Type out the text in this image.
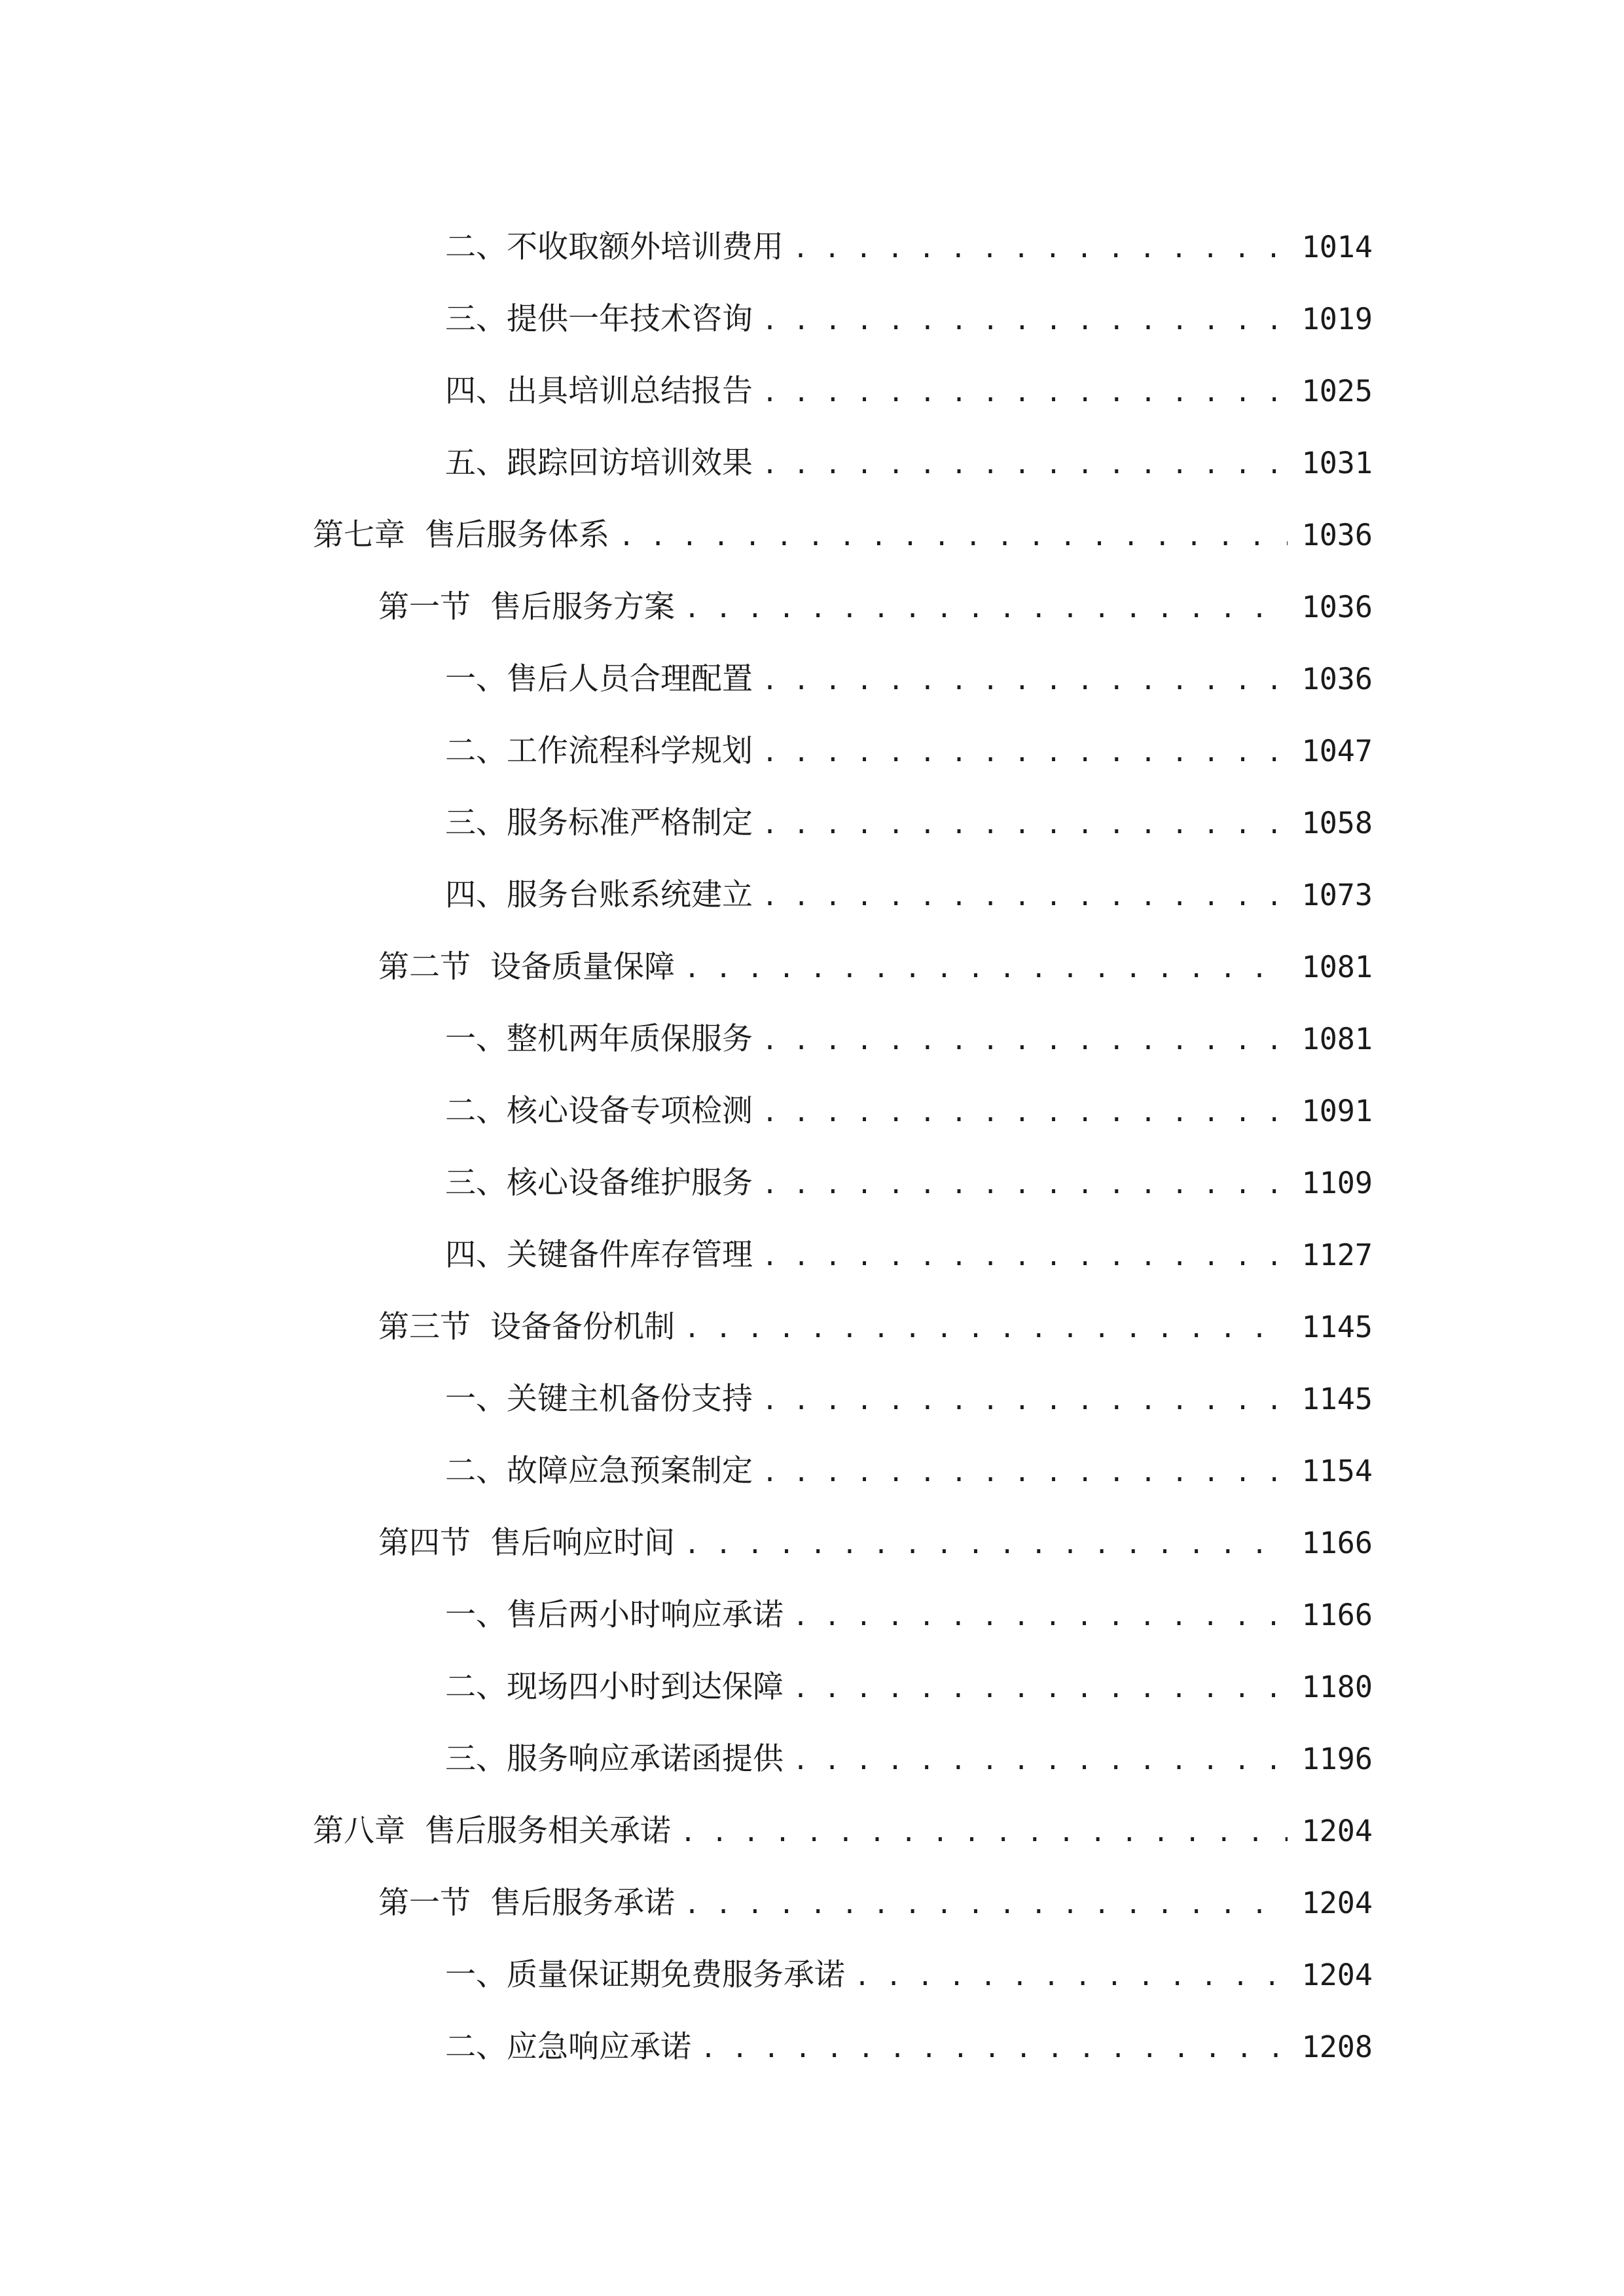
二、 不收取额外培训费用 . . .	1014
三、 提供一年技术咨询 . . .	1019
四、 出具培训总结报告 . . .	1025
五、 跟踪回访培训效果 . . .	1031
第七章 售后服务体系 . . .	1036
第一节 售后服务方案 . . .	1036
一、 售后人员合理配置 . . .	1036
二、 工作流程科学规划 . . .	1047
三、 服务标准严格制定 . . .	1058
四、 服务台账系统建立 . . .	1073
第二节 设备质量保障 . . .	1081
一、 整机两年质保服务 . . .	1081
二、 核心设备专项检测 . . .	1091
三、 核心设备维护服务 . . .	1109
四、 关键备件库存管理 . . .	1127
第三节 设备备份机制 . . .	1145
一、 关键主机备份支持 . . .	1145
二、 故障应急预案制定 . . .	1154
第四节 售后响应时间 . . .	1166
一、 售后两小时响应承诺 . . .	1166
二、 现场四小时到达保障 . . .	1180
三、 服务响应承诺函提供 . . .	1196
第八章 售后服务相关承诺 . . .	1204
第一节 售后服务承诺 . . .	1204
一、 质量保证期免费服务承诺 . . .	1204
二、 应急响应承诺 . . .	1208
